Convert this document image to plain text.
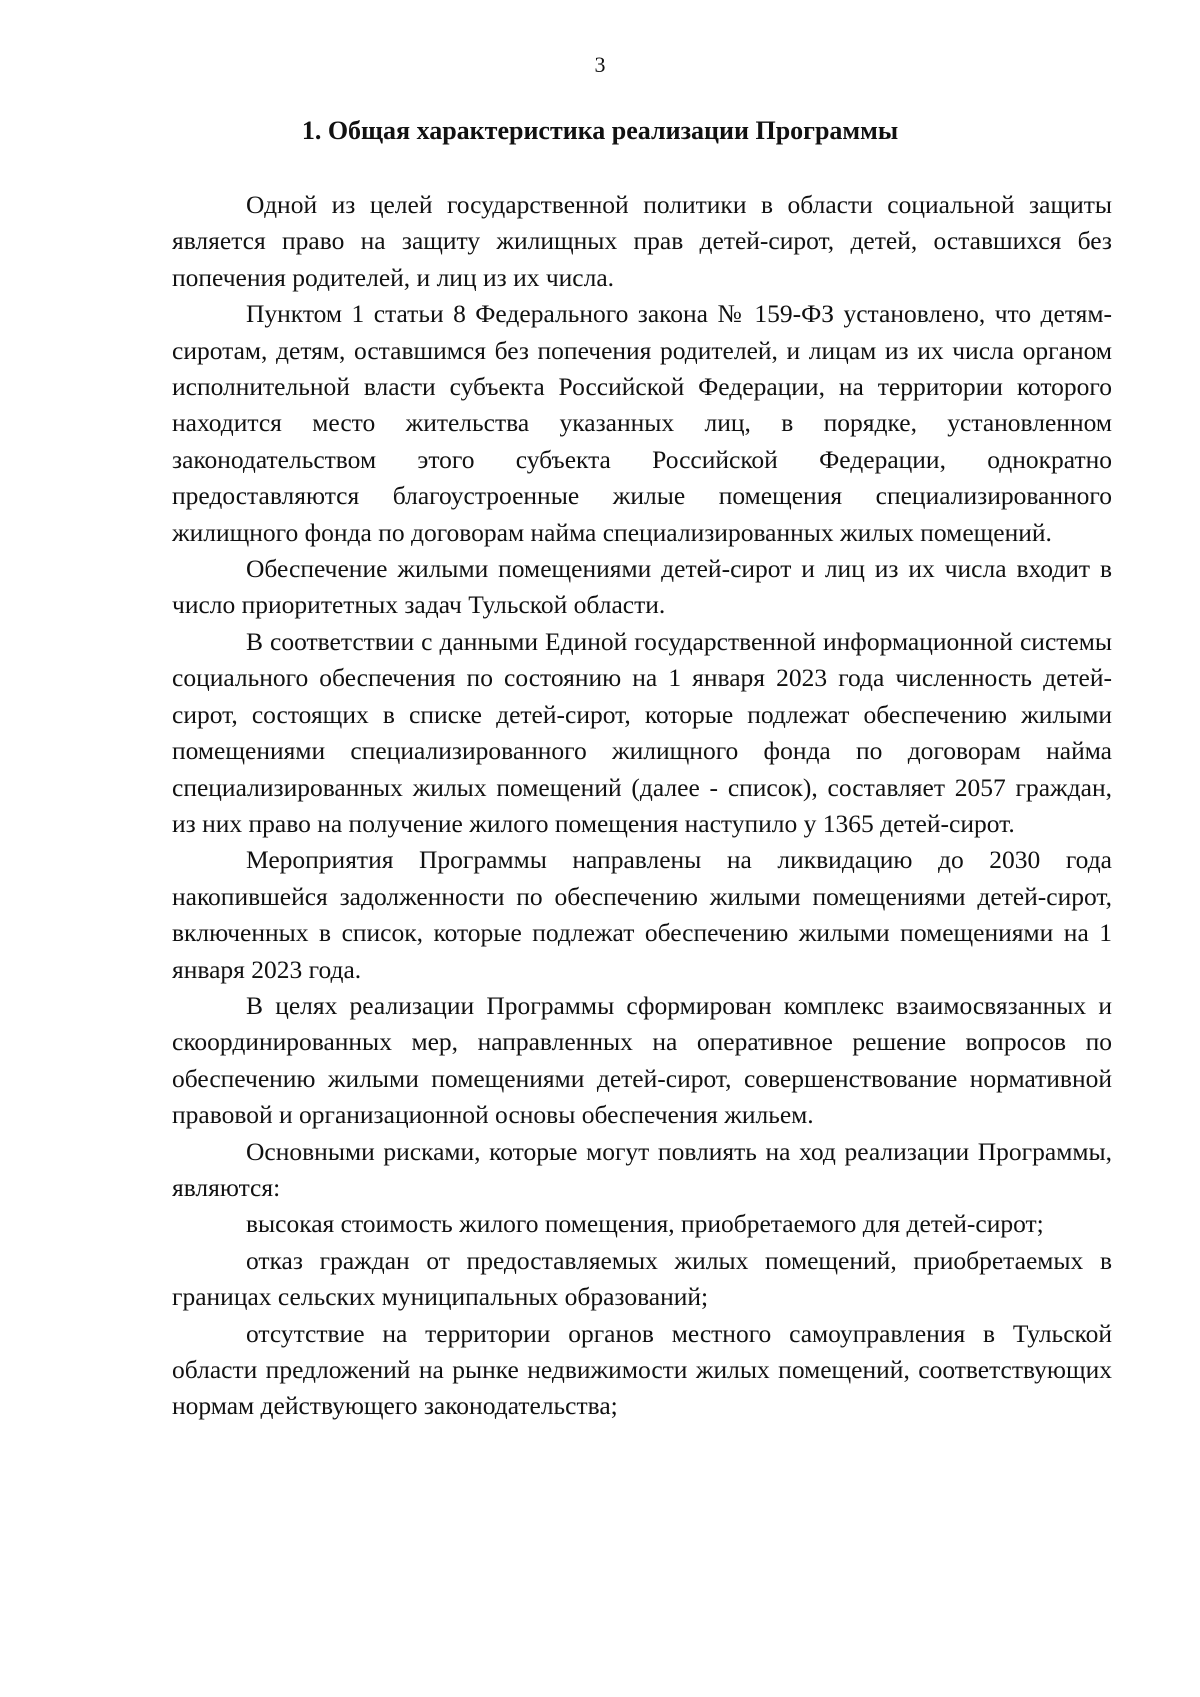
3
1. Общая характеристика реализации Программы

Одной из целей государственной политики в области социальной защиты является право на защиту жилищных прав детей-сирот, детей, оставшихся без попечения родителей, и лиц из их числа.

Пунктом 1 статьи 8 Федерального закона № 159-ФЗ установлено, что детям-сиротам, детям, оставшимся без попечения родителей, и лицам из их числа органом исполнительной власти субъекта Российской Федерации, на территории которого находится место жительства указанных лиц, в порядке, установленном законодательством этого субъекта Российской Федерации, однократно предоставляются благоустроенные жилые помещения специализированного жилищного фонда по договорам найма специализированных жилых помещений.

Обеспечение жилыми помещениями детей-сирот и лиц из их числа входит в число приоритетных задач Тульской области.

В соответствии с данными Единой государственной информационной системы социального обеспечения по состоянию на 1 января 2023 года численность детей-сирот, состоящих в списке детей-сирот, которые подлежат обеспечению жилыми помещениями специализированного жилищного фонда по договорам найма специализированных жилых помещений (далее - список), составляет 2057 граждан, из них право на получение жилого помещения наступило у 1365 детей-сирот.

Мероприятия Программы направлены на ликвидацию до 2030 года накопившейся задолженности по обеспечению жилыми помещениями детей-сирот, включенных в список, которые подлежат обеспечению жилыми помещениями на 1 января 2023 года.

В целях реализации Программы сформирован комплекс взаимосвязанных и скоординированных мер, направленных на оперативное решение вопросов по обеспечению жилыми помещениями детей-сирот, совершенствование нормативной правовой и организационной основы обеспечения жильем.

Основными рисками, которые могут повлиять на ход реализации Программы, являются:

высокая стоимость жилого помещения, приобретаемого для детей-сирот;

отказ граждан от предоставляемых жилых помещений, приобретаемых в границах сельских муниципальных образований;

отсутствие на территории органов местного самоуправления в Тульской области предложений на рынке недвижимости жилых помещений, соответствующих нормам действующего законодательства;
